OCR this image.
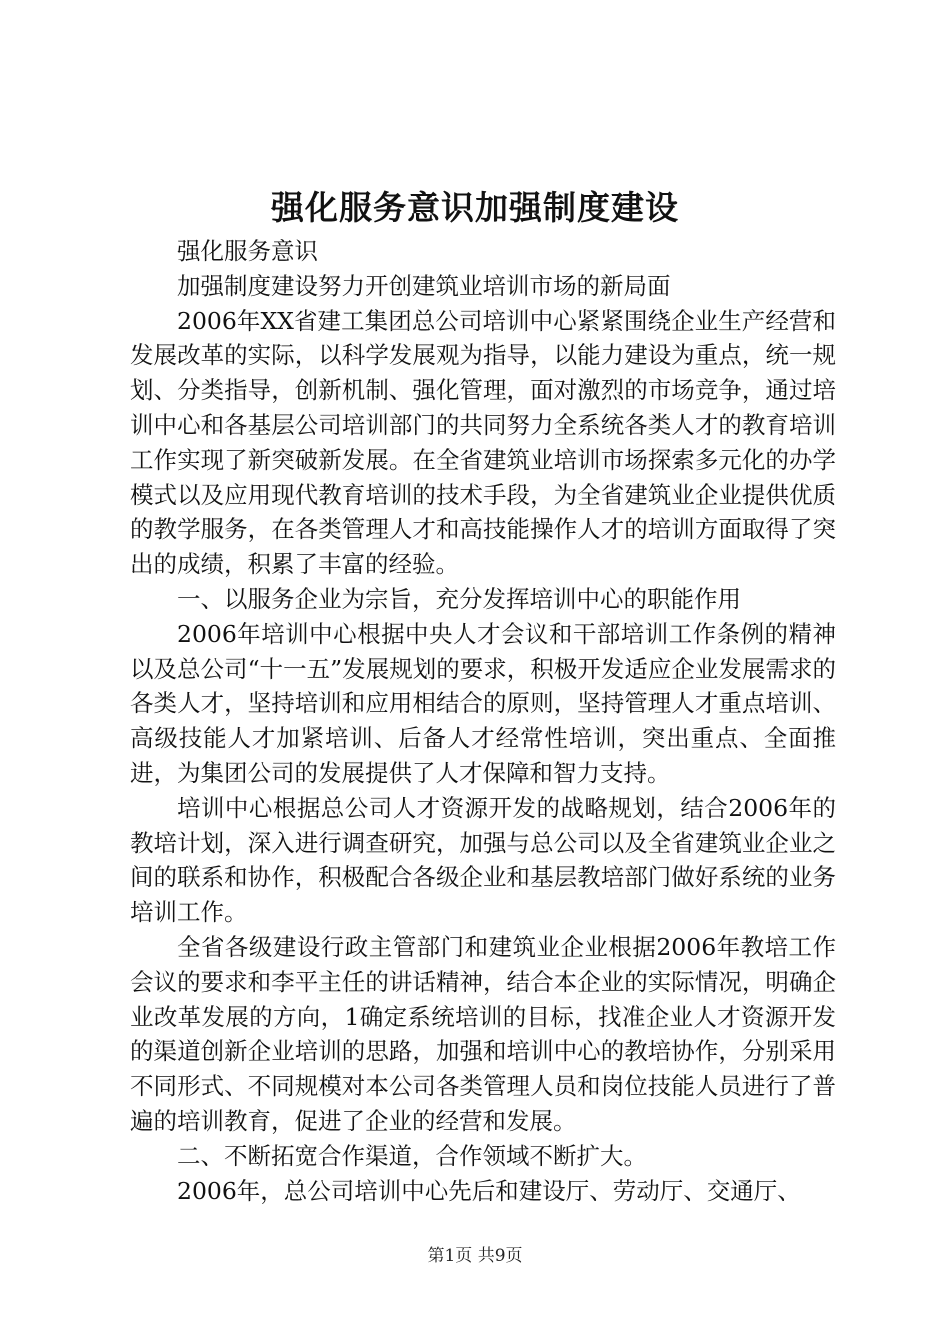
强化服务意识加强制度建设

强化服务意识

加强制度建设努力开创建筑业培训市场的新局面

2006年XX省建工集团总公司培训中心紧紧围绕企业生产经营和发展改革的实际，以科学发展观为指导，以能力建设为重点，统一规划、分类指导，创新机制、强化管理，面对激烈的市场竞争，通过培训中心和各基层公司培训部门的共同努力全系统各类人才的教育培训工作实现了新突破新发展。在全省建筑业培训市场探索多元化的办学模式以及应用现代教育培训的技术手段，为全省建筑业企业提供优质的教学服务，在各类管理人才和高技能操作人才的培训方面取得了突出的成绩，积累了丰富的经验。

一、以服务企业为宗旨，充分发挥培训中心的职能作用

2006年培训中心根据中央人才会议和干部培训工作条例的精神以及总公司“十一五”发展规划的要求，积极开发适应企业发展需求的各类人才，坚持培训和应用相结合的原则，坚持管理人才重点培训、高级技能人才加紧培训、后备人才经常性培训，突出重点、全面推进，为集团公司的发展提供了人才保障和智力支持。

培训中心根据总公司人才资源开发的战略规划，结合2006年的教培计划，深入进行调查研究，加强与总公司以及全省建筑业企业之间的联系和协作，积极配合各级企业和基层教培部门做好系统的业务培训工作。

全省各级建设行政主管部门和建筑业企业根据2006年教培工作会议的要求和李平主任的讲话精神，结合本企业的实际情况，明确企业改革发展的方向，1确定系统培训的目标，找准企业人才资源开发的渠道创新企业培训的思路，加强和培训中心的教培协作，分别采用不同形式、不同规模对本公司各类管理人员和岗位技能人员进行了普遍的培训教育，促进了企业的经营和发展。

二、不断拓宽合作渠道，合作领域不断扩大。

2006年，总公司培训中心先后和建设厅、劳动厅、交通厅、

第1页 共9页
